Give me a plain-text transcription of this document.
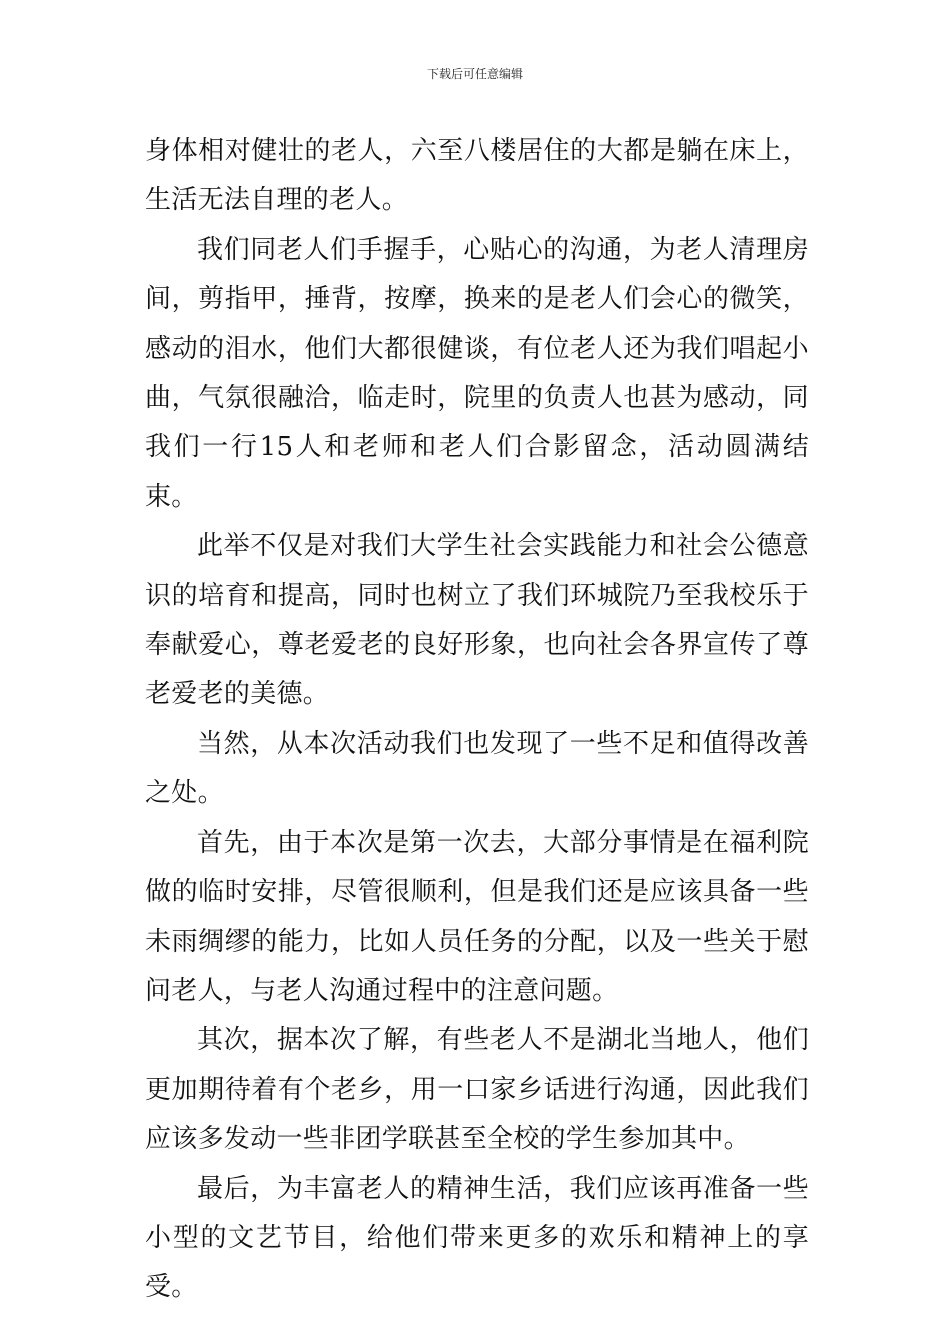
下载后可任意编辑

身体相对健壮的老人，六至八楼居住的大都是躺在床上，生活无法自理的老人。

我们同老人们手握手，心贴心的沟通，为老人清理房间，剪指甲，捶背，按摩，换来的是老人们会心的微笑，感动的泪水，他们大都很健谈，有位老人还为我们唱起小曲，气氛很融洽，临走时，院里的负责人也甚为感动，同我们一行15人和老师和老人们合影留念，活动圆满结束。

此举不仅是对我们大学生社会实践能力和社会公德意识的培育和提高，同时也树立了我们环城院乃至我校乐于奉献爱心，尊老爱老的良好形象，也向社会各界宣传了尊老爱老的美德。

当然，从本次活动我们也发现了一些不足和值得改善之处。

首先，由于本次是第一次去，大部分事情是在福利院做的临时安排，尽管很顺利，但是我们还是应该具备一些未雨绸缪的能力，比如人员任务的分配，以及一些关于慰问老人，与老人沟通过程中的注意问题。

其次，据本次了解，有些老人不是湖北当地人，他们更加期待着有个老乡，用一口家乡话进行沟通，因此我们应该多发动一些非团学联甚至全校的学生参加其中。

最后，为丰富老人的精神生活，我们应该再准备一些小型的文艺节目，给他们带来更多的欢乐和精神上的享受。
